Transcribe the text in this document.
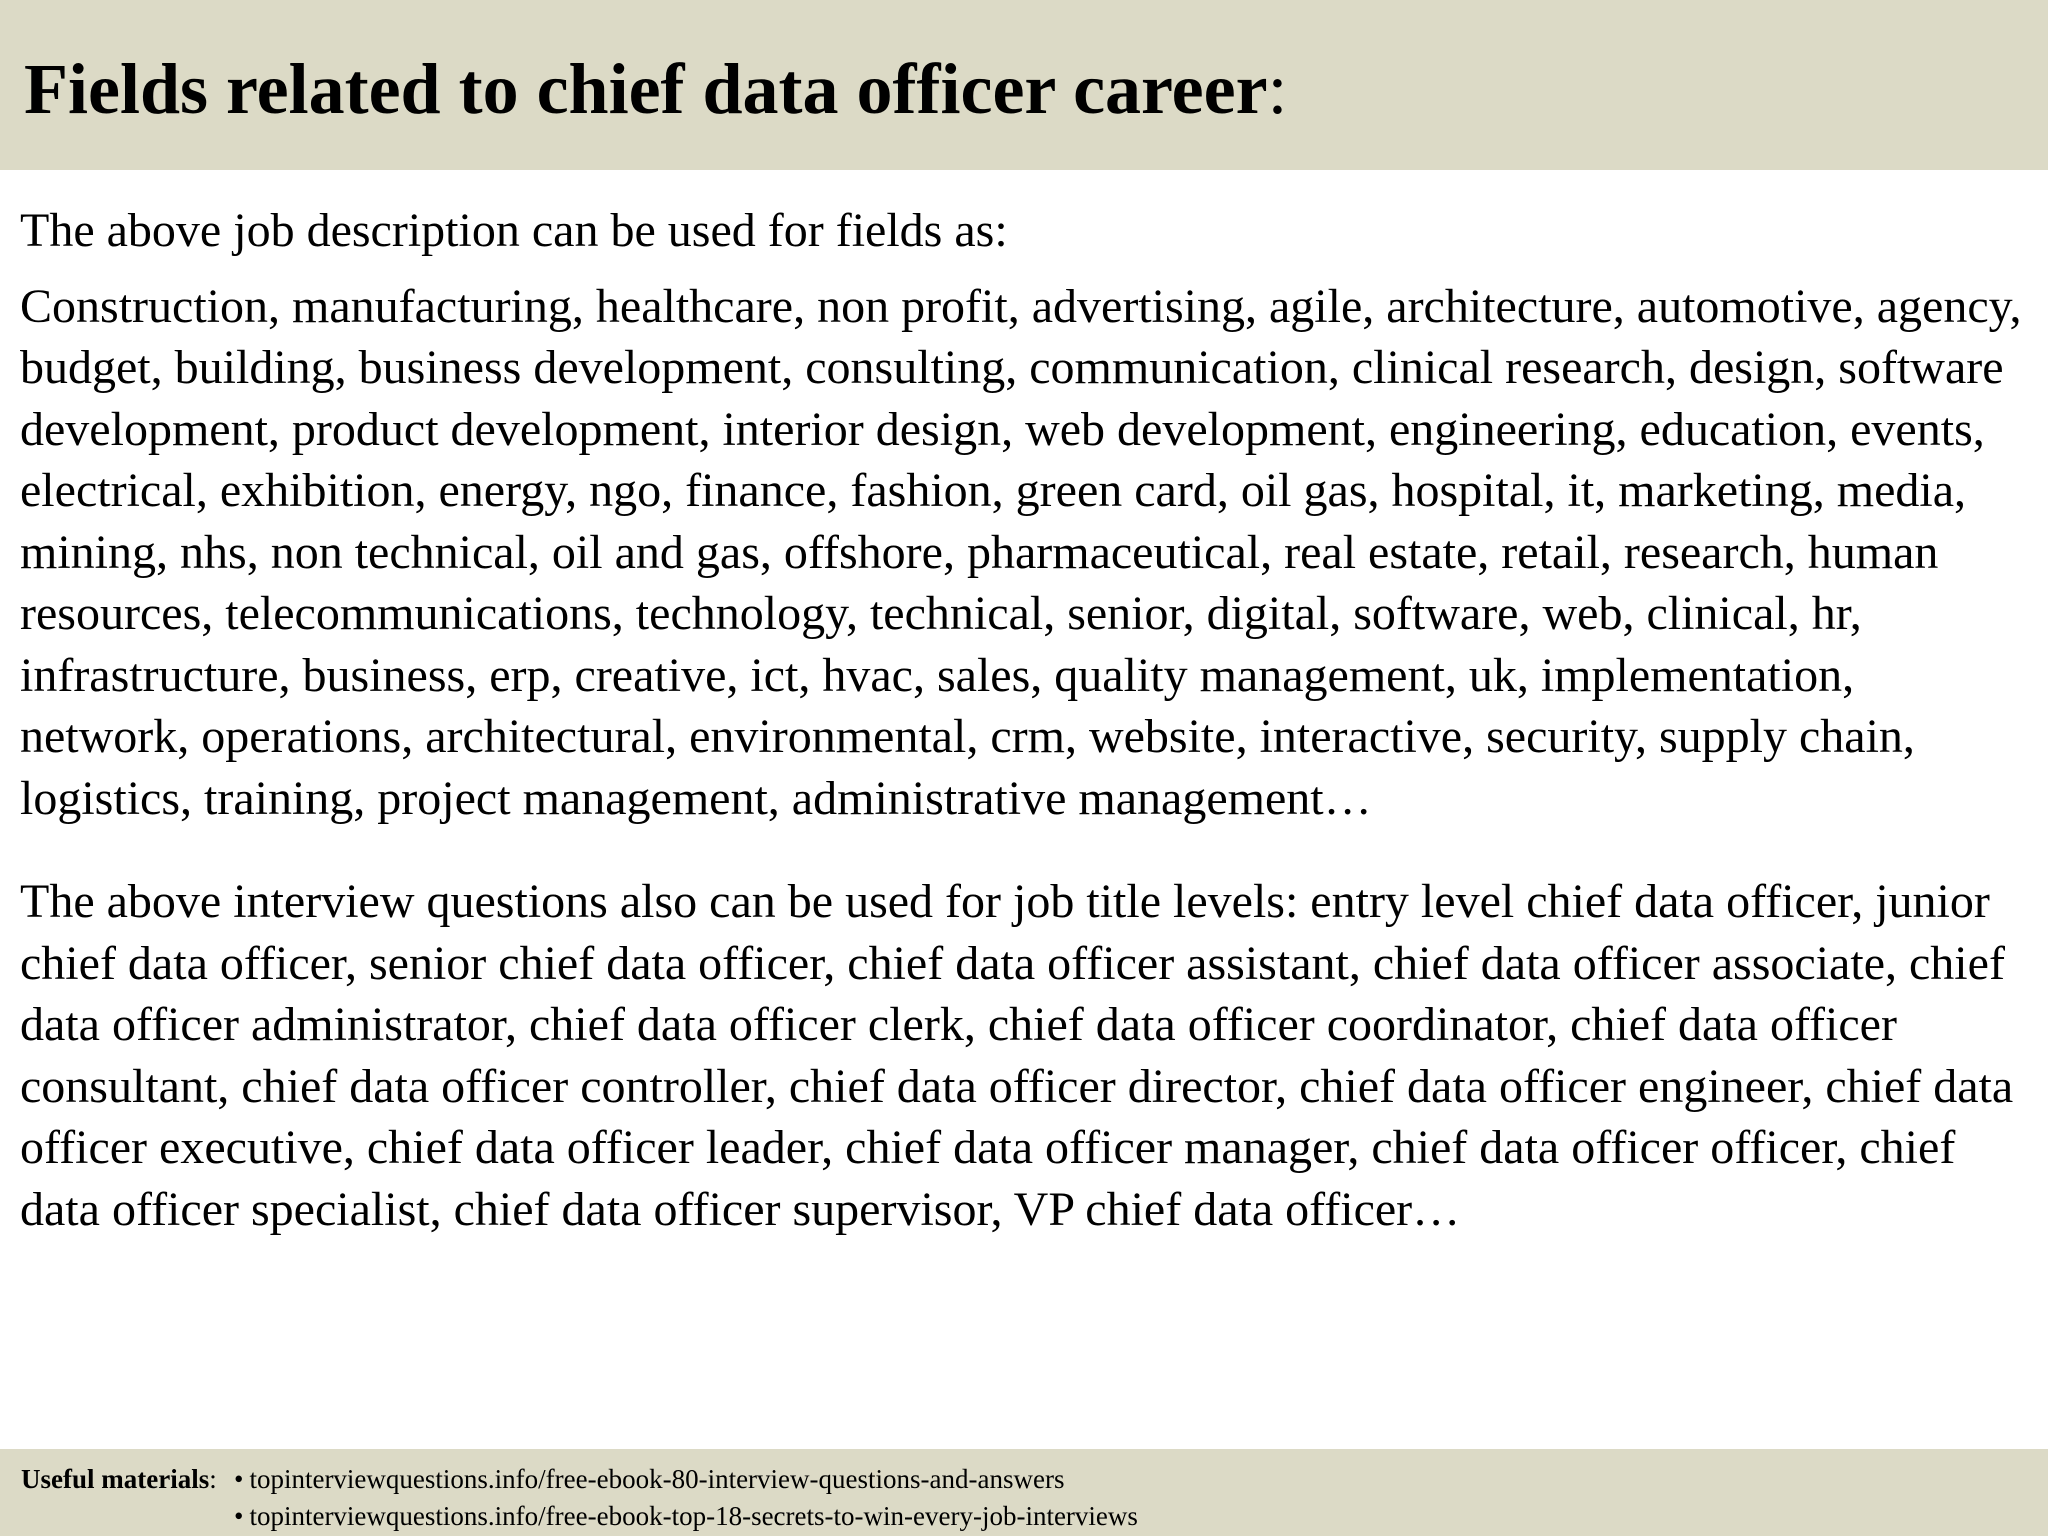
Fields related to chief data officer career:

The above job description can be used for fields as:

Construction, manufacturing, healthcare, non profit, advertising, agile, architecture, automotive, agency, budget, building, business development, consulting, communication, clinical research, design, software development, product development, interior design, web development, engineering, education, events, electrical, exhibition, energy, ngo, finance, fashion, green card, oil gas, hospital, it, marketing, media, mining, nhs, non technical, oil and gas, offshore, pharmaceutical, real estate, retail, research, human resources, telecommunications, technology, technical, senior, digital, software, web, clinical, hr, infrastructure, business, erp, creative, ict, hvac, sales, quality management, uk, implementation, network, operations, architectural, environmental, crm, website, interactive, security, supply chain, logistics, training, project management, administrative management…

The above interview questions also can be used for job title levels: entry level chief data officer, junior chief data officer, senior chief data officer, chief data officer assistant, chief data officer associate, chief data officer administrator, chief data officer clerk, chief data officer coordinator, chief data officer consultant, chief data officer controller, chief data officer director, chief data officer engineer, chief data officer executive, chief data officer leader, chief data officer manager, chief data officer officer, chief data officer specialist, chief data officer supervisor, VP chief data officer…

Useful materials: • topinterviewquestions.info/free-ebook-80-interview-questions-and-answers
• topinterviewquestions.info/free-ebook-top-18-secrets-to-win-every-job-interviews
